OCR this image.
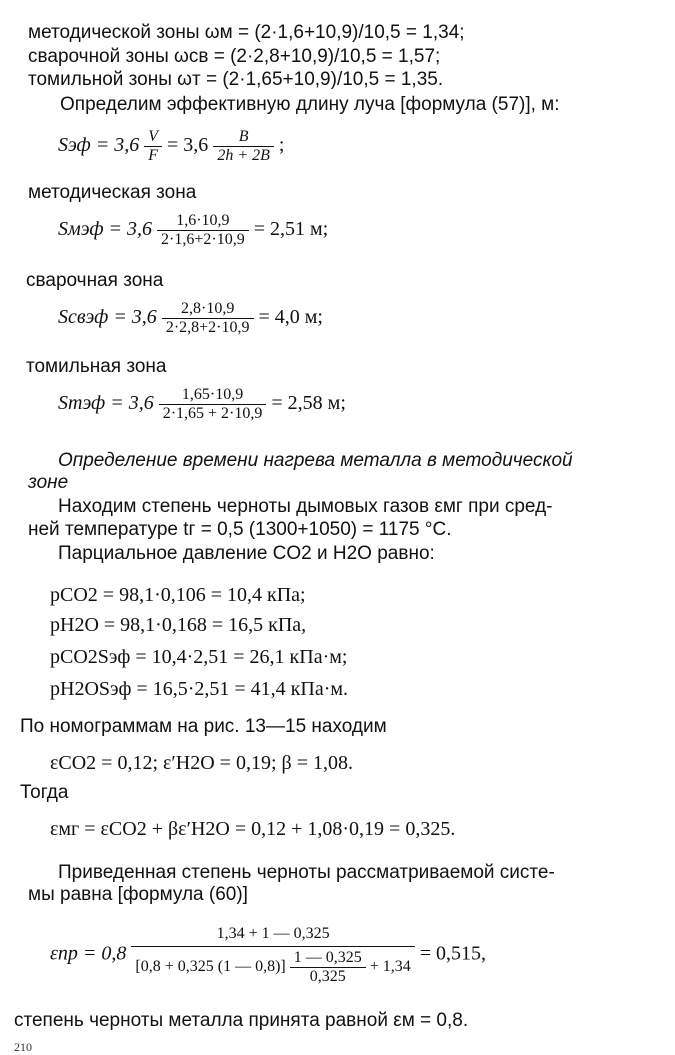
методической зоны ωм = (2·1,6+10,9)/10,5 = 1,34;
сварочной зоны ωсв = (2·2,8+10,9)/10,5 = 1,57;
томильной зоны ωт = (2·1,65+10,9)/10,5 = 1,35.
Определим эффективную длину луча [формула (57)], м:
Sэф = $3,6 \frac{V}{F} = 3,6 \frac{B}{2h + 2B}$ ;
методическая зона
Sмэф = $3,6 \frac{1,6\cdot 10,9}{2\cdot 1,6+2\cdot 10,9} = 2,51$ м;
сварочная зона
Sсвэф = $3,6 \frac{2,8\cdot 10,9}{2\cdot 2,8+2\cdot 10,9} = 4,0$ м;
томильная зона
Sтэф = $3,6 \frac{1,65\cdot 10,9}{2\cdot 1,65 + 2\cdot 10,9} = 2,58$ м;
Определение времени нагрева металла в методической
зоне
Находим степень черноты дымовых газов εмг при сред-
ней температуре tг = 0,5 (1300+1050) = 1175 °С.
Парциальное давление CO2 и H2O равно:
pCO2 = 98,1·0,106 = 10,4 кПа;
pH2O = 98,1·0,168 = 16,5 кПа,
pCO2Sэф = 10,4·2,51 = 26,1 кПа·м;
pH2OSэф = 16,5·2,51 = 41,4 кПа·м.
По номограммам на рис. 13—15 находим
εCO2 = 0,12; ε′H2O = 0,19; β = 1,08.
Тогда
εмг = εCO2 + βε′H2O = 0,12 + 1,08·0,19 = 0,325.
Приведенная степень черноты рассматриваемой систе-
мы равна [формула (60)]
εпр = 0,8
1,34 + 1 — 0,325
[0,8 + 0,325 (1 — $0,8)] \frac{1 — 0,325}{0,325} + 1,34$
= 0,515,
степень черноты металла принята равной εм = 0,8.
210
